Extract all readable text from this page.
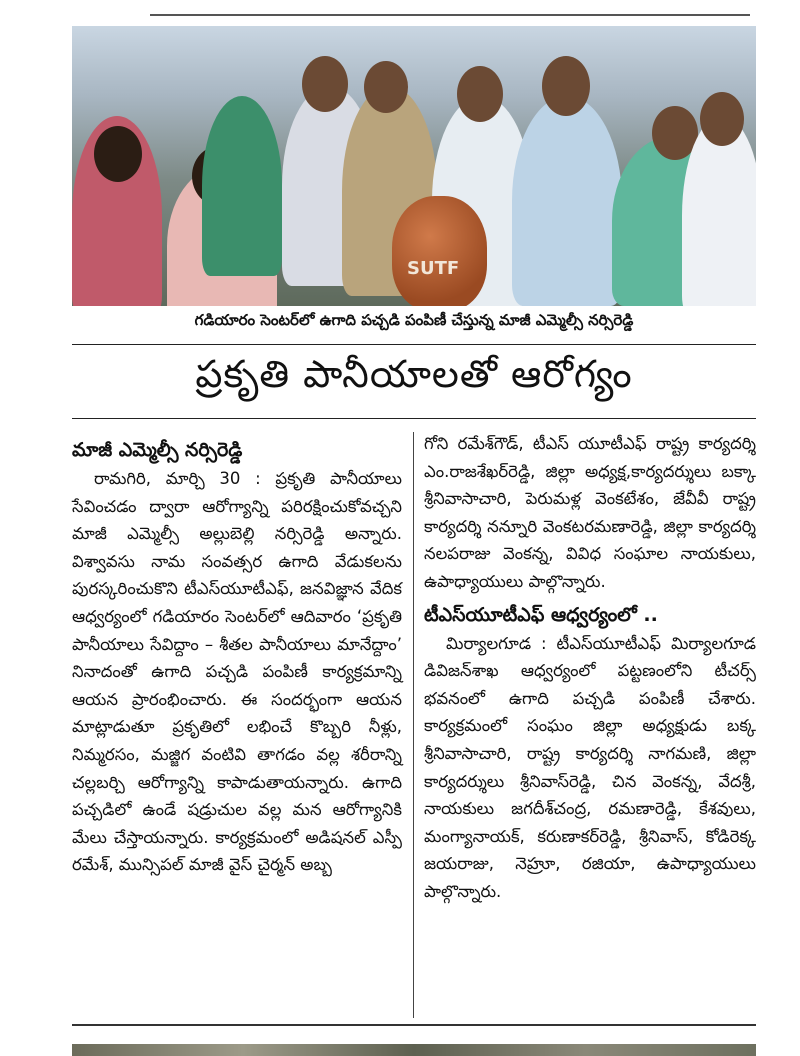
SUTF
గడియారం సెంటర్‌లో ఉగాది పచ్చడి పంపిణీ చేస్తున్న మాజీ ఎమ్మెల్సీ నర్సిరెడ్డి
ప్రకృతి పానీయాలతో ఆరోగ్యం
మాజీ ఎమ్మెల్సీ నర్సిరెడ్డి
రామగిరి, మార్చి 30 : ప్రకృతి పానీయాలు సేవించడం ద్వారా ఆరోగ్యాన్ని పరిరక్షించుకోవచ్చని మాజీ ఎమ్మెల్సీ అల్లుబెల్లి నర్సిరెడ్డి అన్నారు. విశ్వావసు నామ సంవత్సర ఉగాది వేడుకలను పురస్కరించుకొని టీఎస్‌యూటీఎఫ్, జనవిజ్ఞాన వేదిక ఆధ్వర్యంలో గడియారం సెంటర్‌లో ఆదివారం ‘ప్రకృతి పానీయాలు సేవిద్దాం – శీతల పానీయాలు మానేద్దాం’ నినాదంతో ఉగాది పచ్చడి పంపిణీ కార్యక్రమాన్ని ఆయన ప్రారంభించారు. ఈ సందర్భంగా ఆయన మాట్లాడుతూ ప్రకృతిలో లభించే కొబ్బరి నీళ్లు, నిమ్మరసం, మజ్జిగ వంటివి తాగడం వల్ల శరీరాన్ని చల్లబర్చి ఆరోగ్యాన్ని కాపాడుతాయన్నారు. ఉగాది పచ్చడిలో ఉండే షడ్రుచుల వల్ల మన ఆరోగ్యానికి మేలు చేస్తాయన్నారు. కార్యక్రమంలో అడిషనల్ ఎస్పీ రమేశ్, మున్సిపల్ మాజీ వైస్ చైర్మన్ అబ్బ
గోని రమేశ్‌గౌడ్, టీఎస్ యూటీఎఫ్ రాష్ట్ర కార్యదర్శి ఎం.రాజశేఖర్‌రెడ్డి, జిల్లా అధ్యక్ష,కార్యదర్శులు బక్కా శ్రీనివాసాచారి, పెరుమళ్ల వెంకటేశం, జేవీవీ రాష్ట్ర కార్యదర్శి నన్నూరి వెంకటరమణారెడ్డి, జిల్లా కార్యదర్శి నలపరాజు వెంకన్న, వివిధ సంఘాల నాయకులు, ఉపాధ్యాయులు పాల్గొన్నారు.
టీఎస్‌యూటీఎఫ్ ఆధ్వర్యంలో ..
మిర్యాలగూడ : టీఎస్‌యూటీఎఫ్ మిర్యాలగూడ డివిజన్‌శాఖ ఆధ్వర్యంలో పట్టణంలోని టీచర్స్ భవనంలో ఉగాది పచ్చడి పంపిణీ చేశారు. కార్యక్రమంలో సంఘం జిల్లా అధ్యక్షుడు బక్క శ్రీనివాసాచారి, రాష్ట్ర కార్యదర్శి నాగమణి, జిల్లా కార్యదర్శులు శ్రీనివాస్‌రెడ్డి, చిన వెంకన్న, వేదశ్రీ, నాయకులు జగదీశ్‌చంద్ర, రమణారెడ్డి, కేశవులు, మంగ్యానాయక్, కరుణాకర్‌రెడ్డి, శ్రీనివాస్, కోడిరెక్క జయరాజు, నెహ్రూ, రజియా, ఉపాధ్యాయులు పాల్గొన్నారు.
